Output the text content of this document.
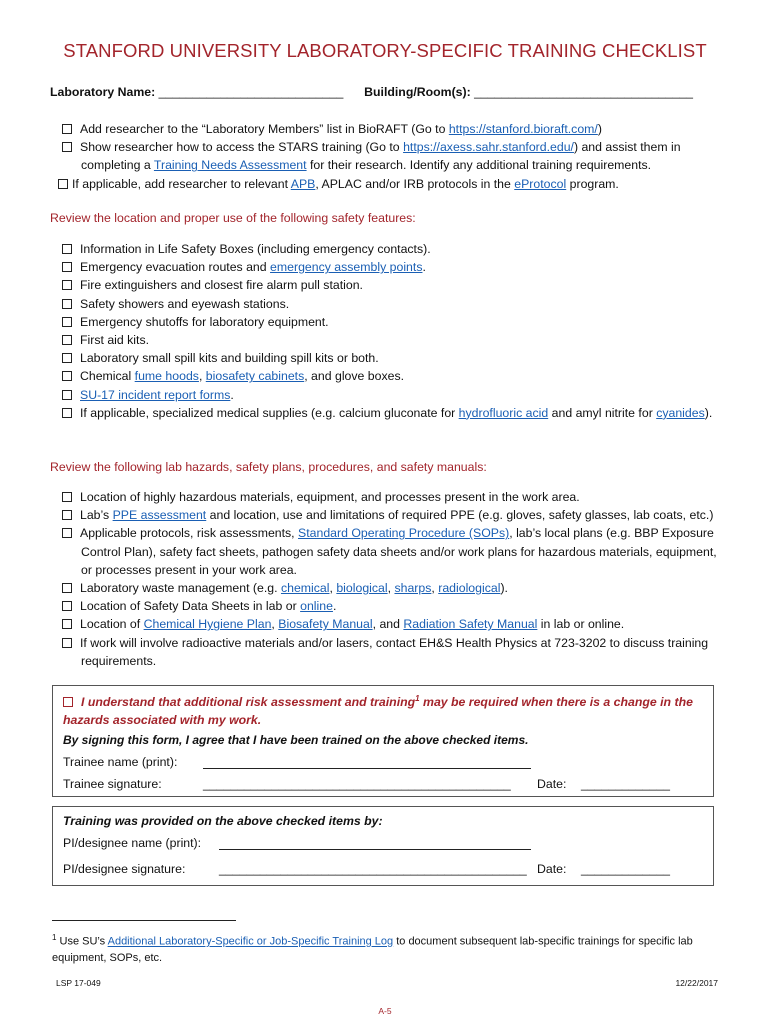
STANFORD UNIVERSITY LABORATORY-SPECIFIC TRAINING CHECKLIST
Laboratory Name: ___________________________ Building/Room(s): ________________________________
Add researcher to the “Laboratory Members” list in BioRAFT (Go to https://stanford.bioraft.com/)
Show researcher how to access the STARS training (Go to https://axess.sahr.stanford.edu/) and assist them in completing a Training Needs Assessment for their research. Identify any additional training requirements.
If applicable, add researcher to relevant APB, APLAC and/or IRB protocols in the eProtocol program.
Review the location and proper use of the following safety features:
Information in Life Safety Boxes (including emergency contacts).
Emergency evacuation routes and emergency assembly points.
Fire extinguishers and closest fire alarm pull station.
Safety showers and eyewash stations.
Emergency shutoffs for laboratory equipment.
First aid kits.
Laboratory small spill kits and building spill kits or both.
Chemical fume hoods, biosafety cabinets, and glove boxes.
SU-17 incident report forms.
If applicable, specialized medical supplies (e.g. calcium gluconate for hydrofluoric acid and amyl nitrite for cyanides).
Review the following lab hazards, safety plans, procedures, and safety manuals:
Location of highly hazardous materials, equipment, and processes present in the work area.
Lab’s PPE assessment and location, use and limitations of required PPE (e.g. gloves, safety glasses, lab coats, etc.)
Applicable protocols, risk assessments, Standard Operating Procedure (SOPs), lab’s local plans (e.g. BBP Exposure Control Plan), safety fact sheets, pathogen safety data sheets and/or work plans for hazardous materials, equipment, or processes present in your work area.
Laboratory waste management (e.g. chemical, biological, sharps, radiological).
Location of Safety Data Sheets in lab or online.
Location of Chemical Hygiene Plan, Biosafety Manual, and Radiation Safety Manual in lab or online.
If work will involve radioactive materials and/or lasers, contact EH&S Health Physics at 723-3202 to discuss training requirements.
I understand that additional risk assessment and training$^1$ may be required when there is a change in the hazards associated with my work.
By signing this form, I agree that I have been trained on the above checked items.
Trainee name (print):
Trainee signature:	_____________________________________________ Date: _____________
Training was provided on the above checked items by:
PI/designee name (print):
PI/designee signature:	_____________________________________________ Date: _____________
$^1$ Use SU’s Additional Laboratory-Specific or Job-Specific Training Log to document subsequent lab-specific trainings for specific lab equipment, SOPs, etc.
LSP 17-049	12/22/2017
A-5
